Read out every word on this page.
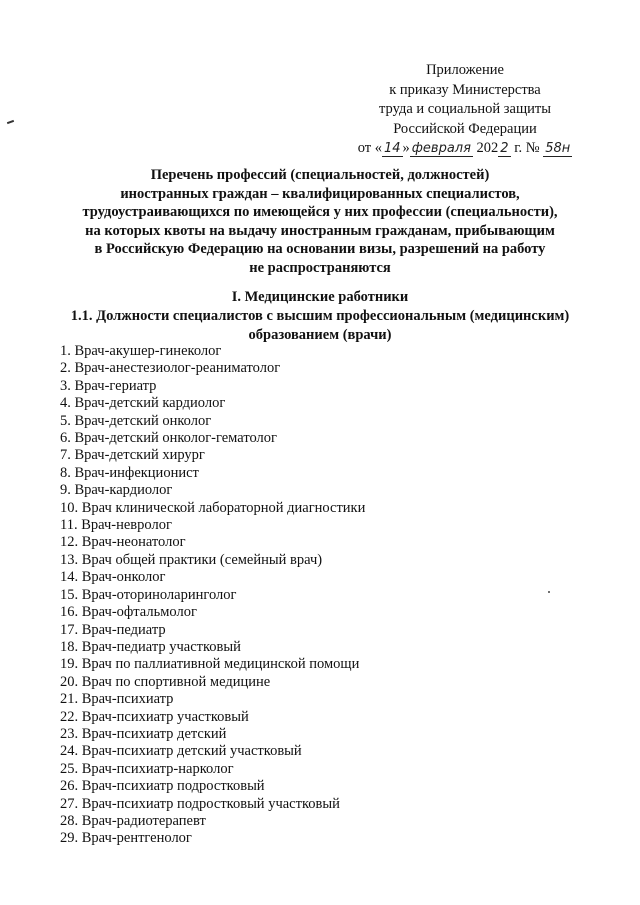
Приложение
к приказу Министерства
труда и социальной защиты
Российской Федерации
от « 14 » февраля 202 2 г. № 58н
Перечень профессий (специальностей, должностей)
иностранных граждан – квалифицированных специалистов,
трудоустраивающихся по имеющейся у них профессии (специальности),
на которых квоты на выдачу иностранным гражданам, прибывающим
в Российскую Федерацию на основании визы, разрешений на работу
не распространяются
I. Медицинские работники
1.1. Должности специалистов с высшим профессиональным (медицинским)
образованием (врачи)
1. Врач-акушер-гинеколог
2. Врач-анестезиолог-реаниматолог
3. Врач-гериатр
4. Врач-детский кардиолог
5. Врач-детский онколог
6. Врач-детский онколог-гематолог
7. Врач-детский хирург
8. Врач-инфекционист
9. Врач-кардиолог
10. Врач клинической лабораторной диагностики
11. Врач-невролог
12. Врач-неонатолог
13. Врач общей практики (семейный врач)
14. Врач-онколог
15. Врач-оториноларинголог
16. Врач-офтальмолог
17. Врач-педиатр
18. Врач-педиатр участковый
19. Врач по паллиативной медицинской помощи
20. Врач по спортивной медицине
21. Врач-психиатр
22. Врач-психиатр участковый
23. Врач-психиатр детский
24. Врач-психиатр детский участковый
25. Врач-психиатр-нарколог
26. Врач-психиатр подростковый
27. Врач-психиатр подростковый участковый
28. Врач-радиотерапевт
29. Врач-рентгенолог
